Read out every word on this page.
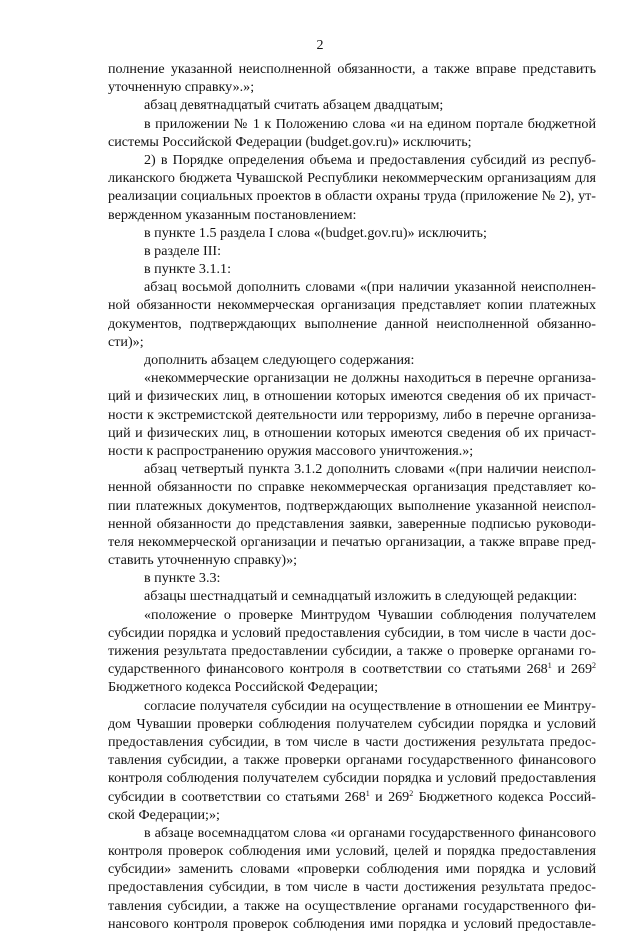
2
полнение указанной неисполненной обязанности, а также вправе представить
уточненную справку».»;
абзац девятнадцатый считать абзацем двадцатым;
в приложении № 1 к Положению слова «и на едином портале бюджетной
системы Российской Федерации (budget.gov.ru)» исключить;
2) в Порядке определения объема и предоставления субсидий из респуб-
ликанского бюджета Чувашской Республики некоммерческим организациям для
реализации социальных проектов в области охраны труда (приложение № 2), ут-
вержденном указанным постановлением:
в пункте 1.5 раздела I слова «(budget.gov.ru)» исключить;
в разделе III:
в пункте 3.1.1:
абзац восьмой дополнить словами «(при наличии указанной неисполнен-
ной обязанности некоммерческая организация представляет копии платежных
документов, подтверждающих выполнение данной неисполненной обязанно-
сти)»;
дополнить абзацем следующего содержания:
«некоммерческие организации не должны находиться в перечне организа-
ций и физических лиц, в отношении которых имеются сведения об их причаст-
ности к экстремистской деятельности или терроризму, либо в перечне организа-
ций и физических лиц, в отношении которых имеются сведения об их причаст-
ности к распространению оружия массового уничтожения.»;
абзац четвертый пункта 3.1.2 дополнить словами «(при наличии неиспол-
ненной обязанности по справке некоммерческая организация представляет ко-
пии платежных документов, подтверждающих выполнение указанной неиспол-
ненной обязанности до представления заявки, заверенные подписью руководи-
теля некоммерческой организации и печатью организации, а также вправе пред-
ставить уточненную справку)»;
в пункте 3.3:
абзацы шестнадцатый и семнадцатый изложить в следующей редакции:
«положение о проверке Минтрудом Чувашии соблюдения получателем
субсидии порядка и условий предоставления субсидии, в том числе в части дос-
тижения результата предоставлении субсидии, а также о проверке органами го-
сударственного финансового контроля в соответствии со статьями $268^1$ и $269^2$
Бюджетного кодекса Российской Федерации;
согласие получателя субсидии на осуществление в отношении ее Минтру-
дом Чувашии проверки соблюдения получателем субсидии порядка и условий
предоставления субсидии, в том числе в части достижения результата предос-
тавления субсидии, а также проверки органами государственного финансового
контроля соблюдения получателем субсидии порядка и условий предоставления
субсидии в соответствии со статьями $268^1$ и $269^2$ Бюджетного кодекса Россий-
ской Федерации;»;
в абзаце восемнадцатом слова «и органами государственного финансового
контроля проверок соблюдения ими условий, целей и порядка предоставления
субсидии» заменить словами «проверки соблюдения ими порядка и условий
предоставления субсидии, в том числе в части достижения результата предос-
тавления субсидии, а также на осуществление органами государственного фи-
нансового контроля проверок соблюдения ими порядка и условий предоставле-
